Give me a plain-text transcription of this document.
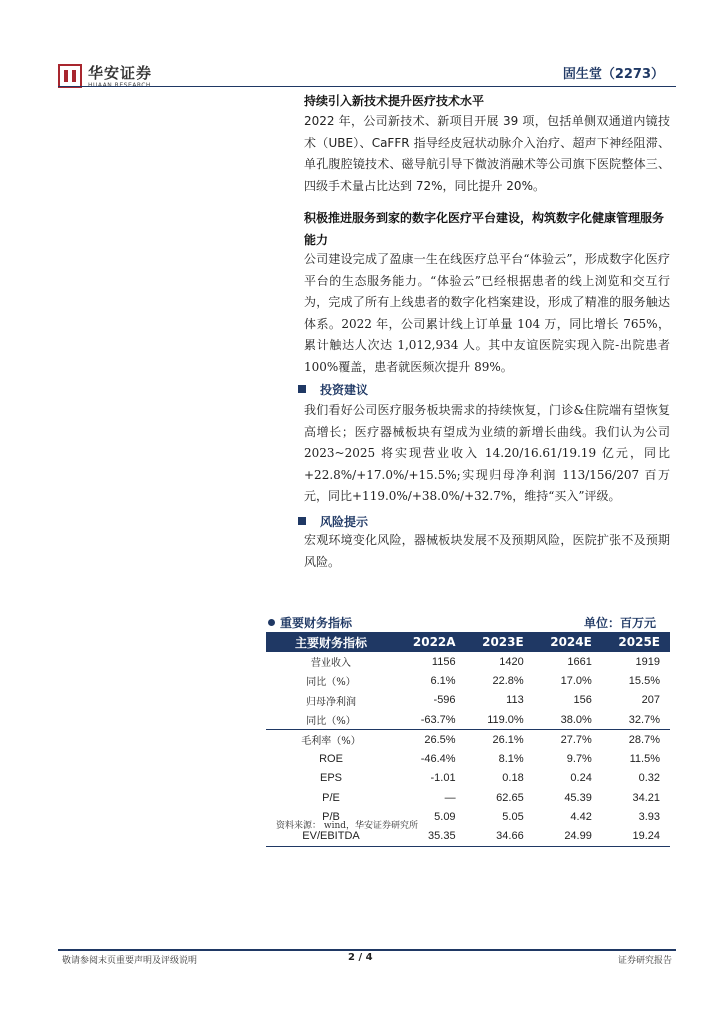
华安证券
HUAAN RESEARCH
固生堂（2273）
持续引入新技术提升医疗技术水平
2022 年，公司新技术、新项目开展 39 项，包括单侧双通道内镜技术（UBE）、CaFFR 指导经皮冠状动脉介入治疗、超声下神经阻滞、单孔腹腔镜技术、磁导航引导下微波消融术等公司旗下医院整体三、四级手术量占比达到 72%，同比提升 20%。
积极推进服务到家的数字化医疗平台建设，构筑数字化健康管理服务能力
公司建设完成了盈康一生在线医疗总平台“体验云”，形成数字化医疗平台的生态服务能力。“体验云”已经根据患者的线上浏览和交互行为，完成了所有上线患者的数字化档案建设，形成了精准的服务触达体系。2022 年，公司累计线上订单量 104 万，同比增长 765%，累计触达人次达 1,012,934 人。其中友谊医院实现入院-出院患者 100%覆盖，患者就医频次提升 89%。
投资建议
我们看好公司医疗服务板块需求的持续恢复，门诊&住院端有望恢复高增长；医疗器械板块有望成为业绩的新增长曲线。我们认为公司 2023~2025 将实现营业收入 14.20/16.61/19.19 亿元，同比+22.8%/+17.0%/+15.5%;实现归母净利润 113/156/207 百万元，同比+119.0%/+38.0%/+32.7%，维持“买入”评级。
风险提示
宏观环境变化风险，器械板块发展不及预期风险，医院扩张不及预期风险。
重要财务指标	单位：百万元
主要财务指标	2022A	2023E	2024E	2025E
营业收入	1156	1420	1661	1919
同比（%）	6.1%	22.8%	17.0%	15.5%
归母净利润	-596	113	156	207
同比（%）	-63.7%	119.0%	38.0%	32.7%
毛利率（%）	26.5%	26.1%	27.7%	28.7%
ROE	-46.4%	8.1%	9.7%	11.5%
EPS	-1.01	0.18	0.24	0.32
P/E	—	62.65	45.39	34.21
P/B	5.09	5.05	4.42	3.93
EV/EBITDA	35.35	34.66	24.99	19.24
资料来源： wind，华安证券研究所
敬请参阅末页重要声明及评级说明	2 / 4	证券研究报告
